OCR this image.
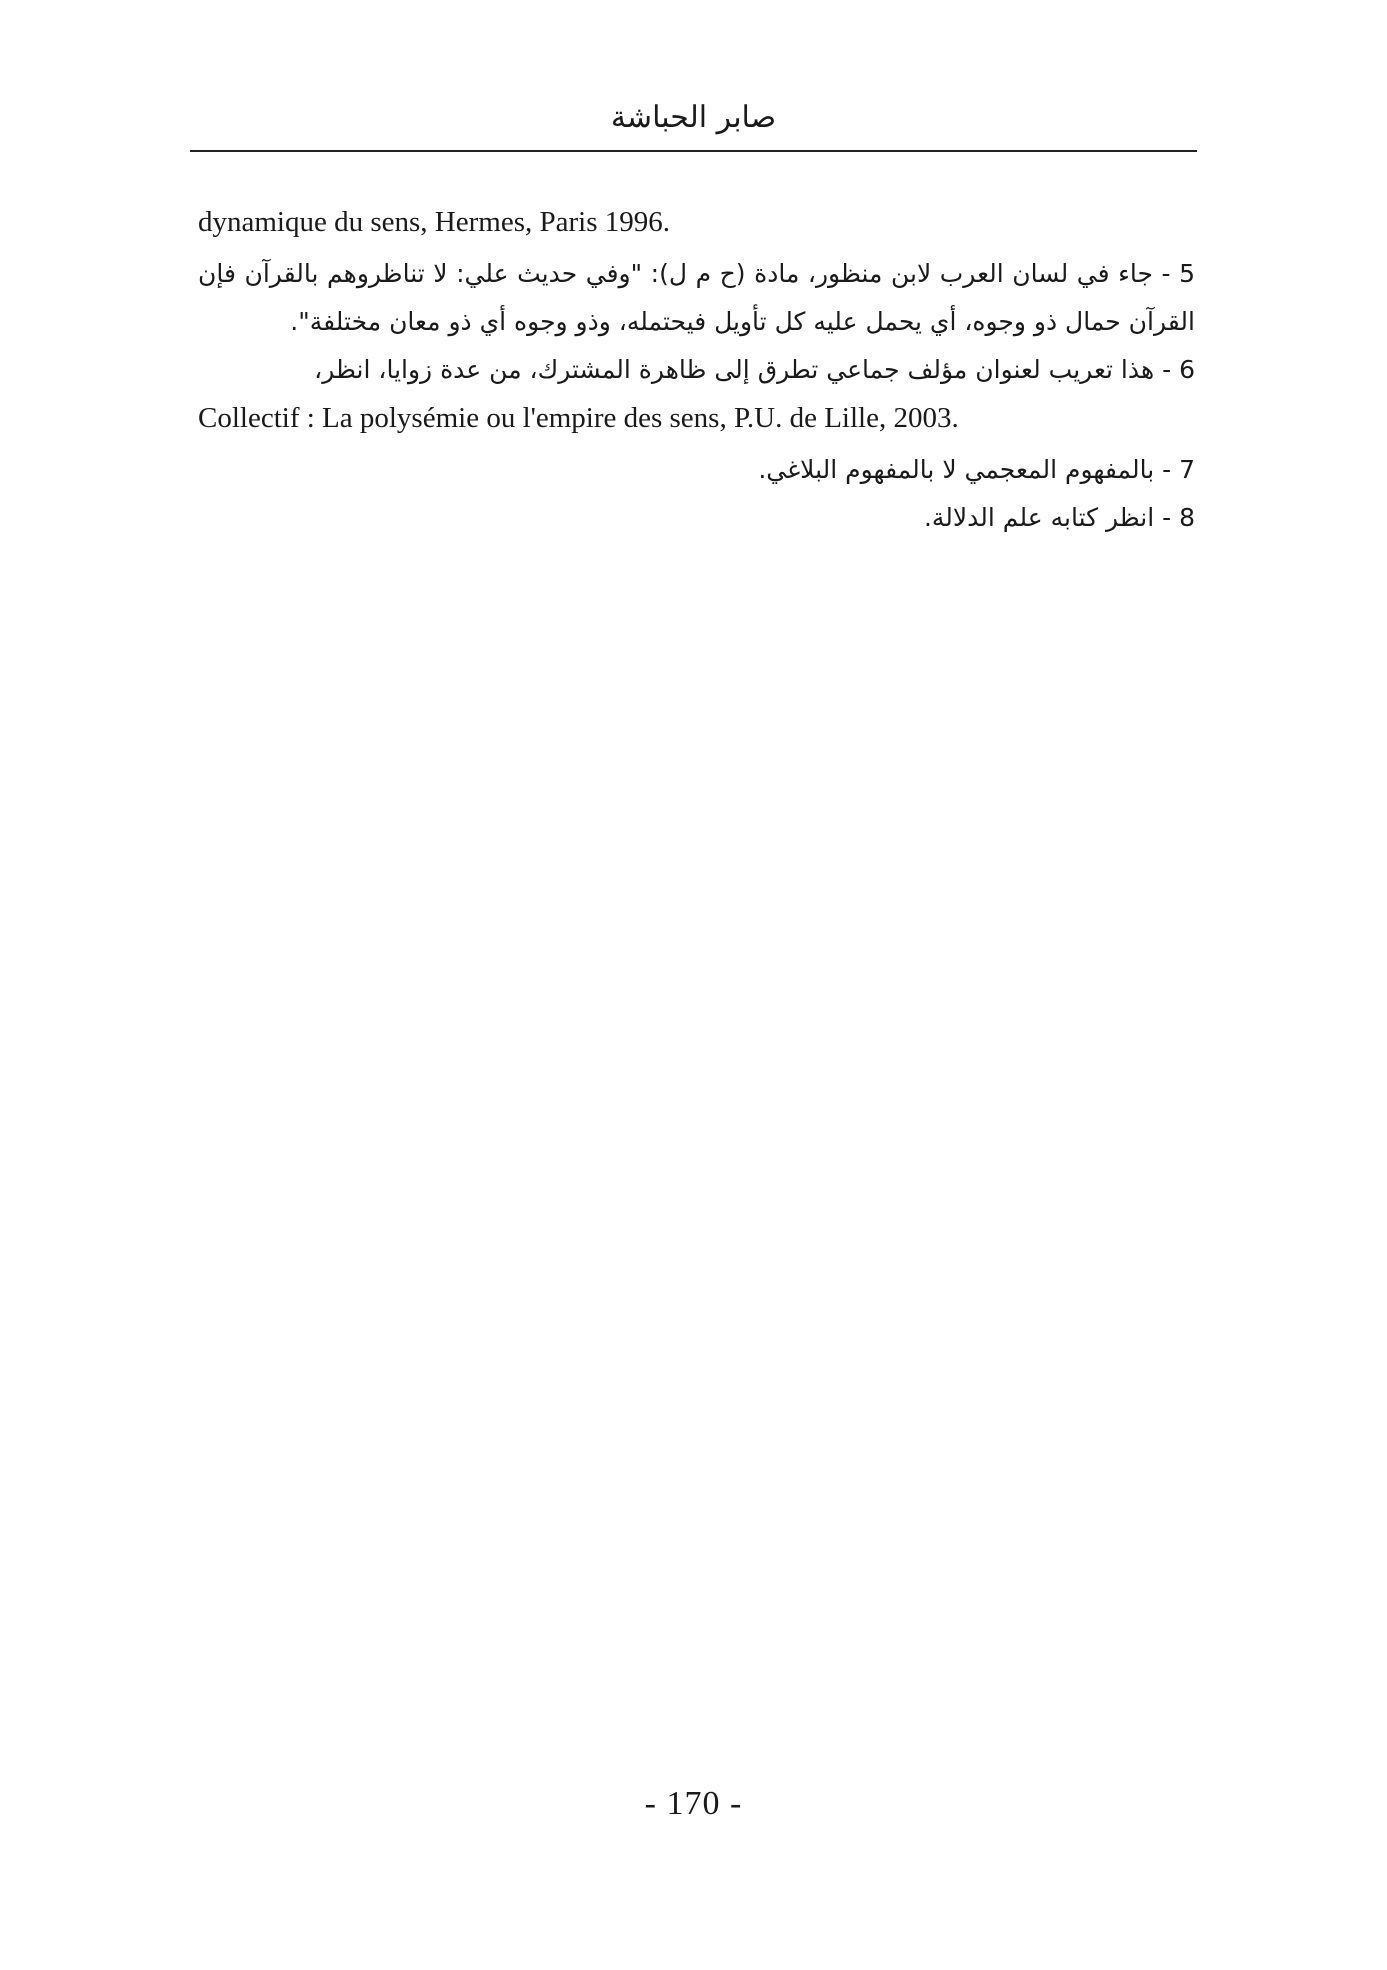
صابر الحباشة

dynamique du sens, Hermes, Paris 1996.

5 - جاء في لسان العرب لابن منظور، مادة (ح م ل): "وفي حديث علي: لا تناظروهم بالقرآن فإن القرآن حمال ذو وجوه، أي يحمل عليه كل تأويل فيحتمله، وذو وجوه أي ذو معان مختلفة".

6 - هذا تعريب لعنوان مؤلف جماعي تطرق إلى ظاهرة المشترك، من عدة زوايا، انظر،

Collectif : La polysémie ou l'empire des sens, P.U. de Lille, 2003.

7 - بالمفهوم المعجمي لا بالمفهوم البلاغي.

8 - انظر كتابه علم الدلالة.

- 170 -
